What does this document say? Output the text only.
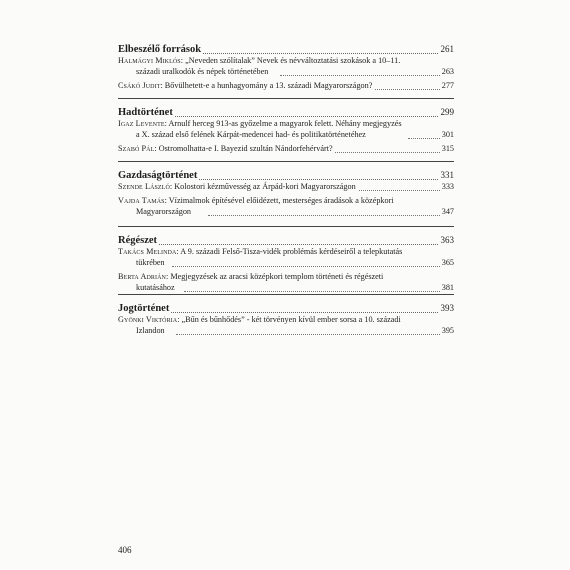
Elbeszélő források	261
Halmágyi Miklós: „Neveden szólítalak” Nevek és névváltoztatási szokások a 10–11.
századi uralkodók és népek történetében	263
Csákó Judit: Bővülhetett-e a hunhagyomány a 13. századi Magyarországon?	277
Hadtörténet	299
Igaz Levente: Arnulf herceg 913-as győzelme a magyarok felett. Néhány megjegyzés
a X. század első felének Kárpát-medencei had- és politikatörténetéhez	301
Szabó Pál: Ostromolhatta-e I. Bayezid szultán Nándorfehérvárt?	315
Gazdaságtörténet	331
Szende László: Kolostori kézművesség az Árpád-kori Magyarországon	333
Vajda Tamás: Vízimalmok építésével előidézett, mesterséges áradások a középkori
Magyarországon	347
Régészet	363
Takács Melinda: A 9. századi Felső-Tisza-vidék problémás kérdéseiről a telepkutatás
tükrében	365
Berta Adrián: Megjegyzések az aracsi középkori templom történeti és régészeti
kutatásához	381
Jogtörténet	393
Gyönki Viktória: „Bűn és bűnhődés” - két törvényen kívül ember sorsa a 10. századi
Izlandon	395
406
